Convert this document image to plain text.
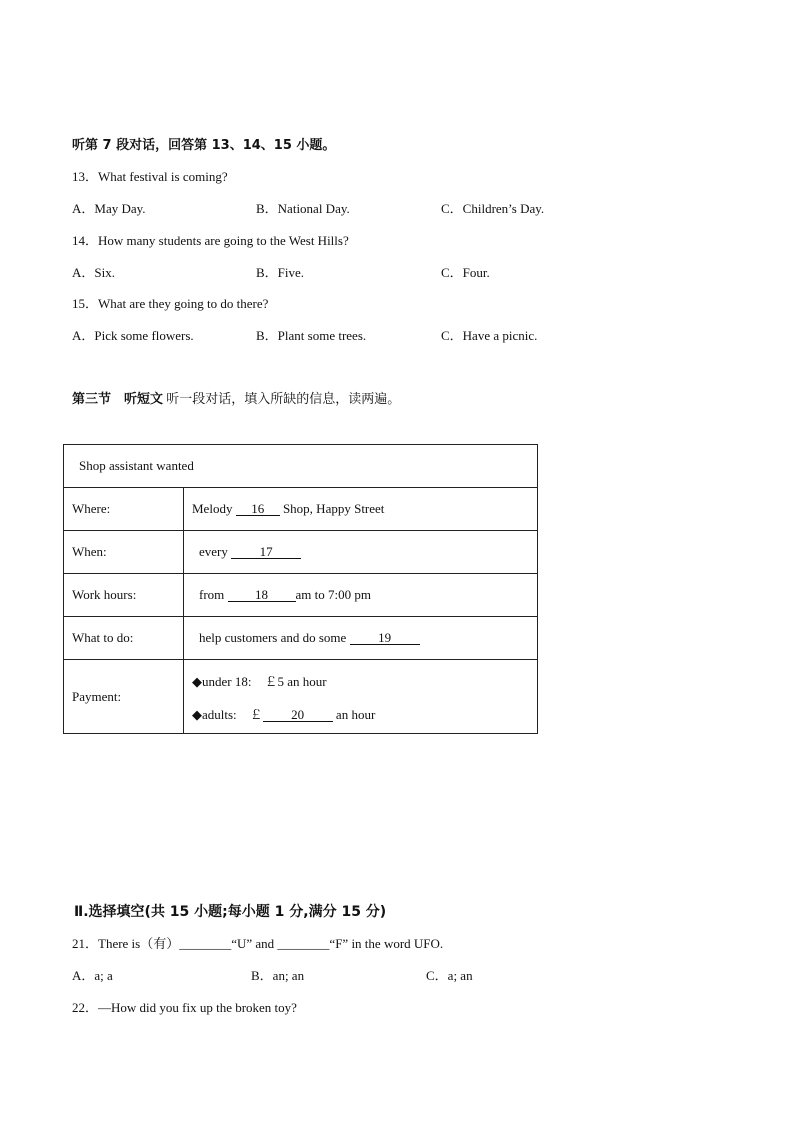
听第 7 段对话，回答第 13、14、15 小题。
13．What festival is coming?
A．May Day.	B．National Day.	C．Children’s Day.
14．How many students are going to the West Hills?
A．Six.	B．Five.	C．Four.
15．What are they going to do there?
A．Pick some flowers.	B．Plant some trees.	C．Have a picnic.
第三节　听短文 听一段对话，填入所缺的信息，读两遍。
Shop assistant wanted	
Where:	Melody 16 Shop, Happy Street
When:	every 17
Work hours:	from 18 am to 7:00 pm
What to do:	help customers and do some 19
Payment:	◆under 18:　￡5 an hour
◆adults:　￡ 20 an hour
Ⅱ.选择填空(共 15 小题;每小题 1 分,满分 15 分)
21．There is（有）________“U” and ________“F” in the word UFO.
A．a; a	B．an; an	C．a; an
22．—How did you fix up the broken toy?
